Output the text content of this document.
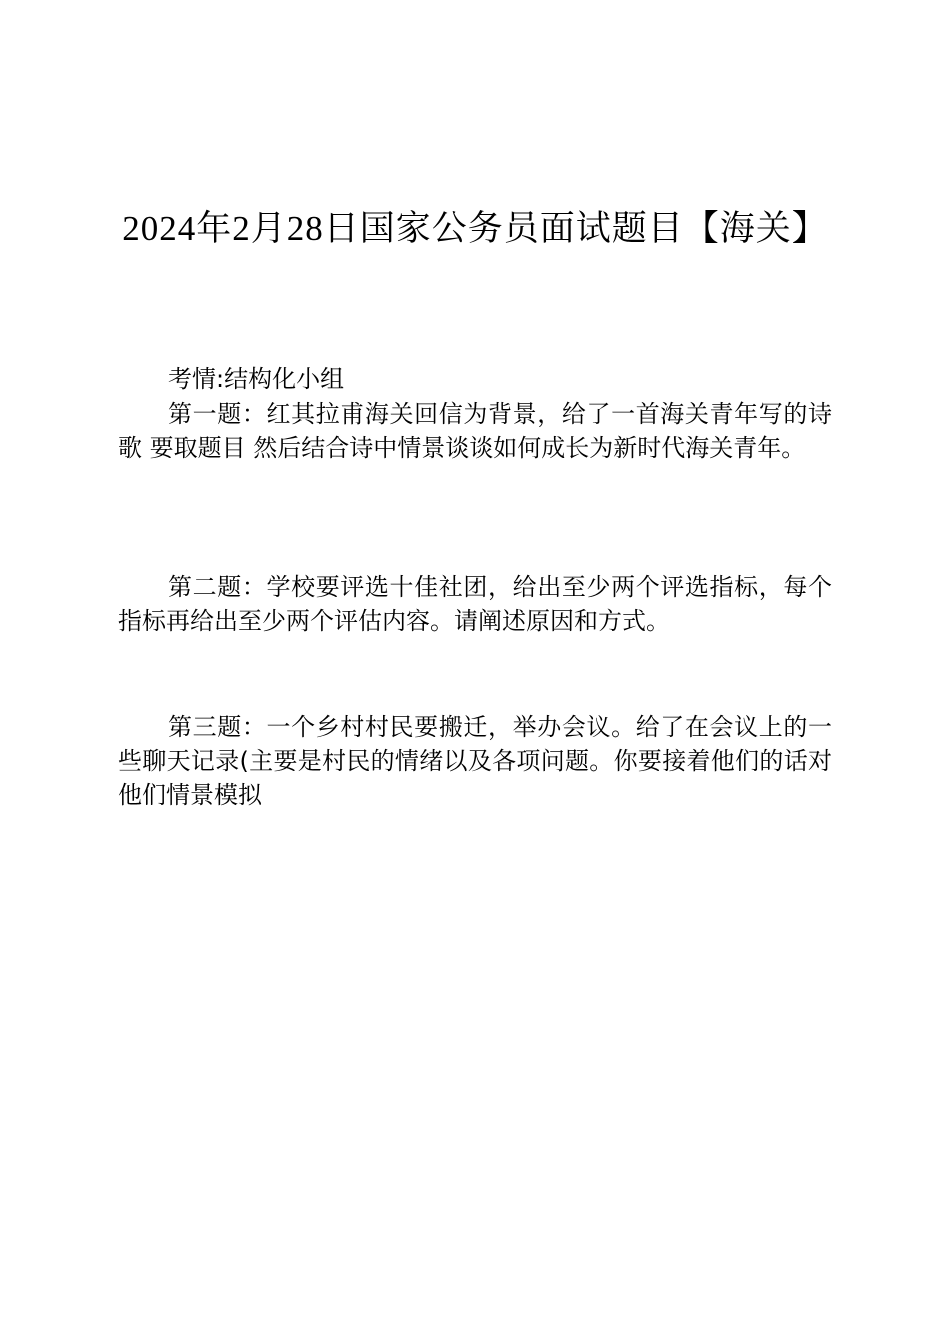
2024年2月28日国家公务员面试题目【海关】

考情:结构化小组

第一题：红其拉甫海关回信为背景，给了一首海关青年写的诗歌 要取题目 然后结合诗中情景谈谈如何成长为新时代海关青年。

第二题：学校要评选十佳社团，给出至少两个评选指标，每个指标再给出至少两个评估内容。请阐述原因和方式。

第三题：一个乡村村民要搬迁，举办会议。给了在会议上的一些聊天记录(主要是村民的情绪以及各项问题。你要接着他们的话对他们情景模拟
